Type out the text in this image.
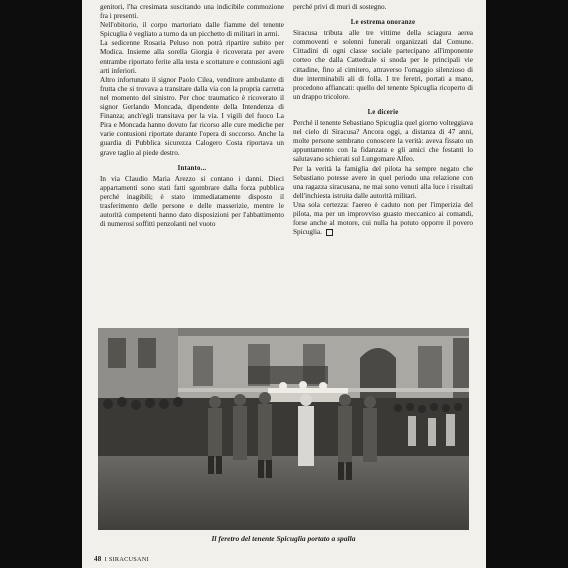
genitori, l'ha cresimata suscitando una indicibile commozione fra i presenti.

Nell'obitorio, il corpo martoriato dalle fiamme del tenente Spicuglia è vegliato a turno da un picchetto di militari in armi.

La sedicenne Rosaria Peluso non potrà ripartire subito per Modica. Insieme alla sorella Giorgia è ricoverata per avere entrambe riportato ferite alla testa e scottature e contusioni agli arti inferiori.

Altro infortunato il signor Paolo Cilea, venditore ambulante di frutta che si trovava a transitare dalla via con la propria carretta nel momento del sinistro. Per choc traumatico è ricoverato il signor Gerlando Moncada, dipendente della Intendenza di Finanza; anch'egli transitava per la via. I vigili del fuoco La Pira e Moncada hanno dovuto far ricorso alle cure mediche per varie contusioni riportate durante l'opera di soccorso. Anche la guardia di Pubblica sicurezza Calogero Costa riportava un grave taglio al piede destro.

Intanto...

In via Claudio Maria Arezzo si contano i danni. Dieci appartamenti sono stati fatti sgombrare dalla forza pubblica perché inagibili; è stato immediatamente disposto il trasferimento delle persone e delle masserizie, mentre le autorità competenti hanno dato disposizioni per l'abbattimento di numerosi soffitti penzolanti nel vuoto

perché privi di muri di sostegno.

Le estrema onoranze

Siracusa tributa alle tre vittime della sciagura aerea commoventi e solenni funerali organizzati dal Comune. Cittadini di ogni classe sociale partecipano all'imponente corteo che dalla Cattedrale si snoda per le principali vie cittadine, fino al cimitero, attraverso l'omaggio silenzioso di due interminabili ali di folla. I tre feretri, portati a mano, procedono affiancati: quello del tenente Spicuglia ricoperto di un drappo tricolore.

Le dicerie

Perché il tenente Sebastiano Spicuglia quel giorno volteggiava nel cielo di Siracusa? Ancora oggi, a distanza di 47 anni, molte persone sembrano conoscere la verità: aveva fissato un appuntamento con la fidanzata e gli amici che festanti lo salutavano schierati sul Lungomare Alfeo.

Per la verità la famiglia del pilota ha sempre negato che Sebastiano potesse avere in quel periodo una relazione con una ragazza siracusana, ne mai sono venuti alla luce i risultati dell'inchiesta istruita dalle autorità militari.

Una sola certezza: l'aereo è caduto non per l'imperizia del pilota, ma per un improvviso guasto meccanico ai comandi, forse anche al motore, cui nulla ha potuto opporre il povero Spicuglia.

Il feretro del tenente Spicuglia portato a spalla
48 I SIRACUSANI
